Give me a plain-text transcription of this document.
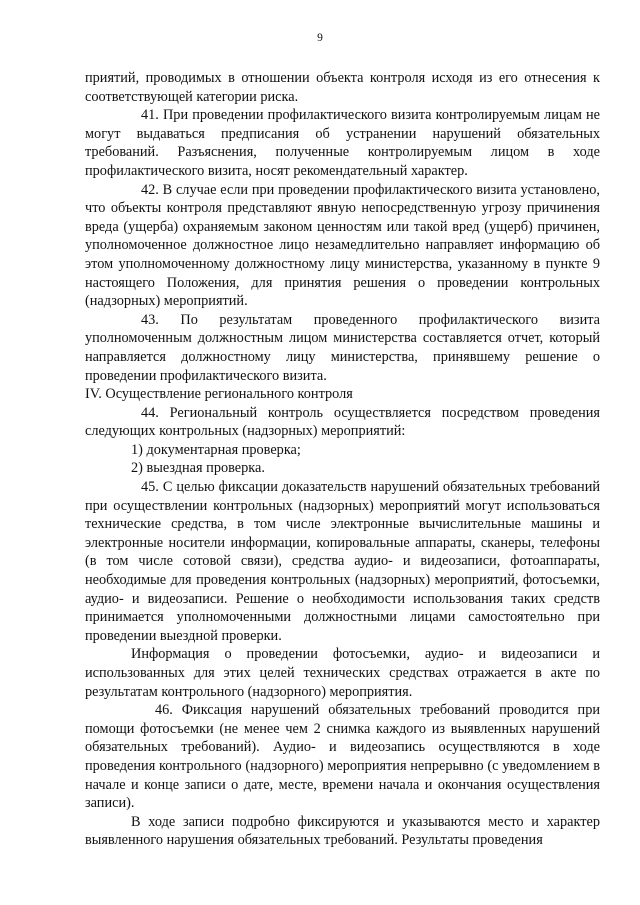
9

приятий, проводимых в отношении объекта контроля исходя из его отнесения к соответствующей категории риска.

41. При проведении профилактического визита контролируемым лицам не могут выдаваться предписания об устранении нарушений обязательных требований. Разъяснения, полученные контролируемым лицом в ходе профилактического визита, носят рекомендательный характер.

42. В случае если при проведении профилактического визита установлено, что объекты контроля представляют явную непосредственную угрозу причинения вреда (ущерба) охраняемым законом ценностям или такой вред (ущерб) причинен, уполномоченное должностное лицо незамедлительно направляет информацию об этом уполномоченному должностному лицу министерства, указанному в пункте 9 настоящего Положения, для принятия решения о проведении контрольных (надзорных) мероприятий.

43. По результатам проведенного профилактического визита уполномоченным должностным лицом министерства составляется отчет, который направляется должностному лицу министерства, принявшему решение о проведении профилактического визита.

IV. Осуществление регионального контроля

44. Региональный контроль осуществляется посредством проведения следующих контрольных (надзорных) мероприятий:

1) документарная проверка;

2) выездная проверка.

45. С целью фиксации доказательств нарушений обязательных требований при осуществлении контрольных (надзорных) мероприятий могут использоваться технические средства, в том числе электронные вычислительные машины и электронные носители информации, копировальные аппараты, сканеры, телефоны (в том числе сотовой связи), средства аудио- и видеозаписи, фотоаппараты, необходимые для проведения контрольных (надзорных) мероприятий, фотосъемки, аудио- и видеозаписи. Решение о необходимости использования таких средств принимается уполномоченными должностными лицами самостоятельно при проведении выездной проверки.

Информация о проведении фотосъемки, аудио- и видеозаписи и использованных для этих целей технических средствах отражается в акте по результатам контрольного (надзорного) мероприятия.

46. Фиксация нарушений обязательных требований проводится при помощи фотосъемки (не менее чем 2 снимка каждого из выявленных нарушений обязательных требований). Аудио- и видеозапись осуществляются в ходе проведения контрольного (надзорного) мероприятия непрерывно (с уведомлением в начале и конце записи о дате, месте, времени начала и окончания осуществления записи).

В ходе записи подробно фиксируются и указываются место и характер выявленного нарушения обязательных требований. Результаты проведения
